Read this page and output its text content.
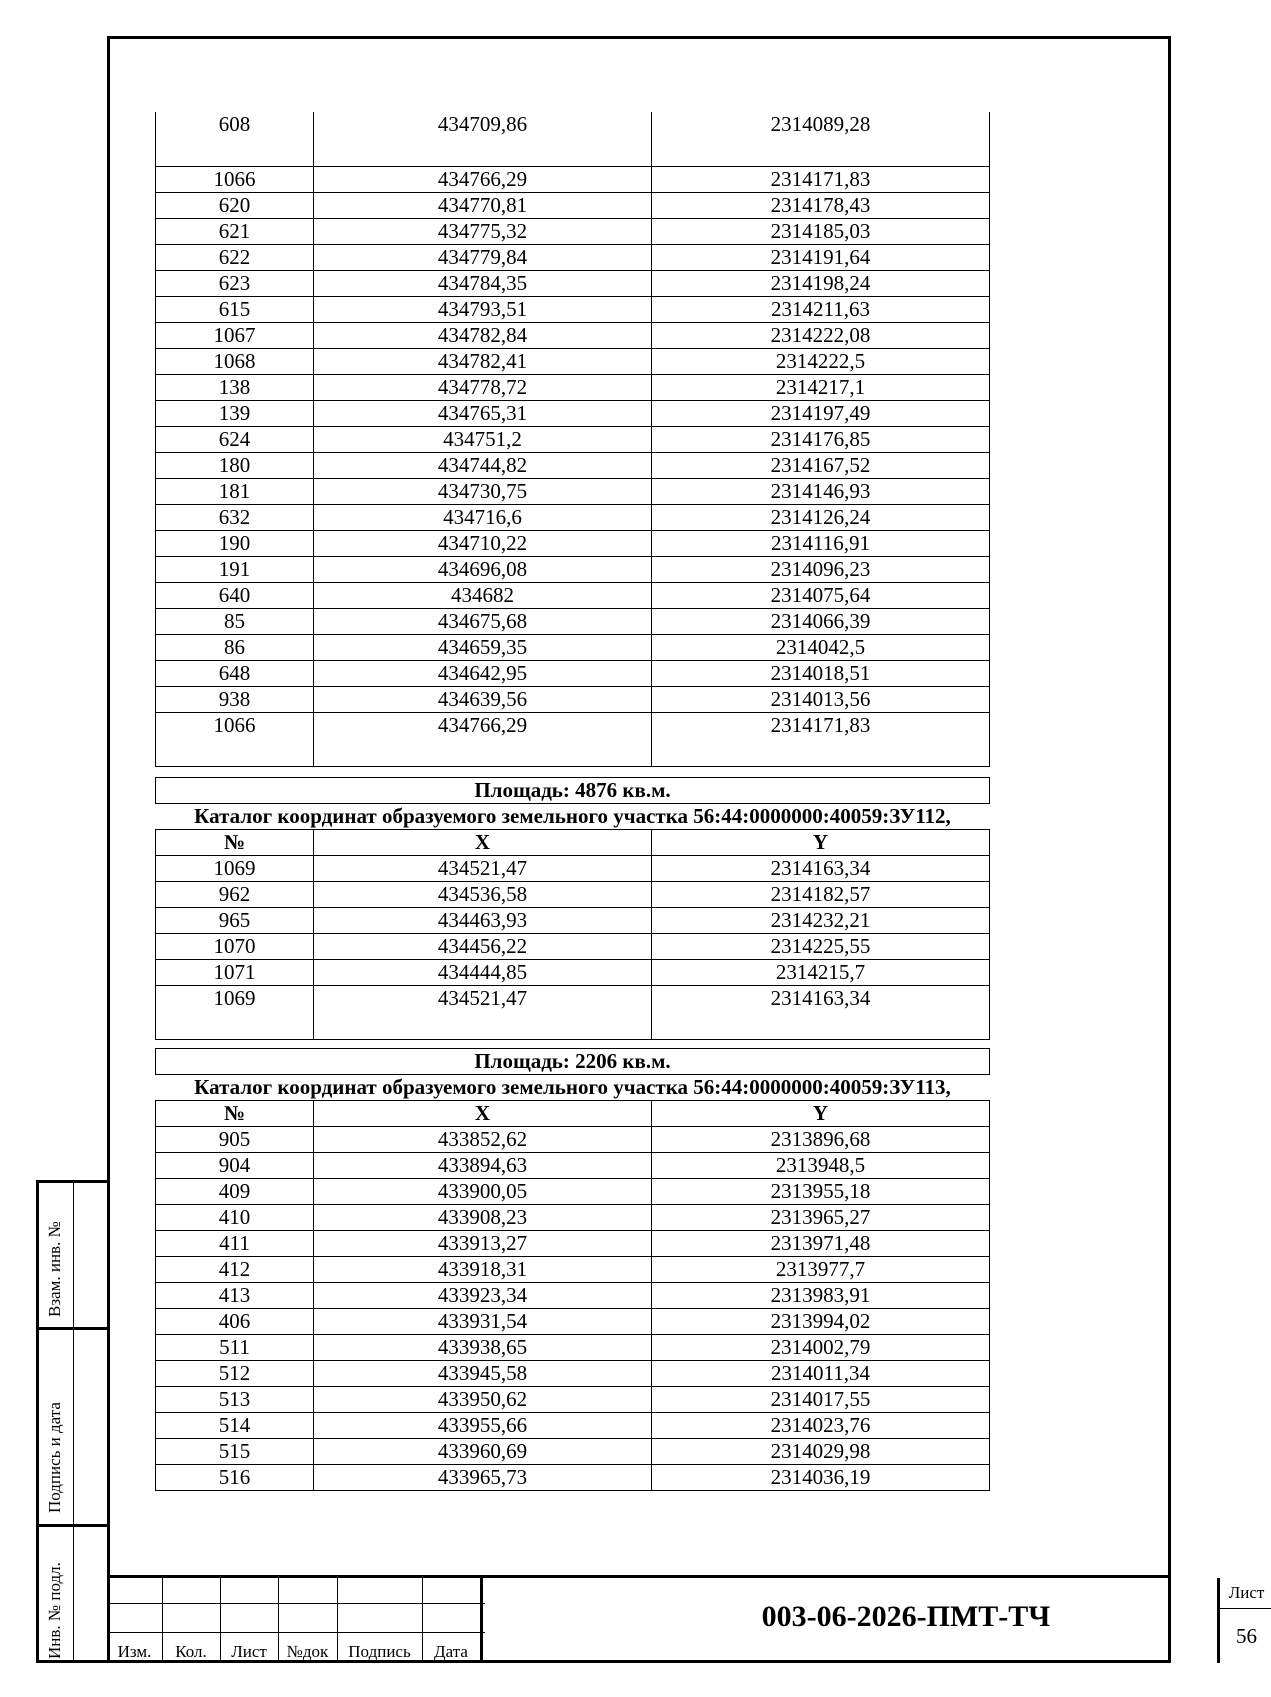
608	434709,86	2314089,28
1066	434766,29	2314171,83
620	434770,81	2314178,43
621	434775,32	2314185,03
622	434779,84	2314191,64
623	434784,35	2314198,24
615	434793,51	2314211,63
1067	434782,84	2314222,08
1068	434782,41	2314222,5
138	434778,72	2314217,1
139	434765,31	2314197,49
624	434751,2	2314176,85
180	434744,82	2314167,52
181	434730,75	2314146,93
632	434716,6	2314126,24
190	434710,22	2314116,91
191	434696,08	2314096,23
640	434682	2314075,64
85	434675,68	2314066,39
86	434659,35	2314042,5
648	434642,95	2314018,51
938	434639,56	2314013,56
1066	434766,29	2314171,83
Площадь: 4876 кв.м.
Каталог координат образуемого земельного участка 56:44:0000000:40059:ЗУ112,
№	X	Y
1069	434521,47	2314163,34
962	434536,58	2314182,57
965	434463,93	2314232,21
1070	434456,22	2314225,55
1071	434444,85	2314215,7
1069	434521,47	2314163,34
Площадь: 2206 кв.м.
Каталог координат образуемого земельного участка 56:44:0000000:40059:ЗУ113,
№	X	Y
905	433852,62	2313896,68
904	433894,63	2313948,5
409	433900,05	2313955,18
410	433908,23	2313965,27
411	433913,27	2313971,48
412	433918,31	2313977,7
413	433923,34	2313983,91
406	433931,54	2313994,02
511	433938,65	2314002,79
512	433945,58	2314011,34
513	433950,62	2314017,55
514	433955,66	2314023,76
515	433960,69	2314029,98
516	433965,73	2314036,19
Взам. инв. №
Подпись и дата
Инв. № подл.	Изм.	Кол.	Лист	№док	Подпись	Дата
003-06-2026-ПМТ-ТЧ
Лист
56
